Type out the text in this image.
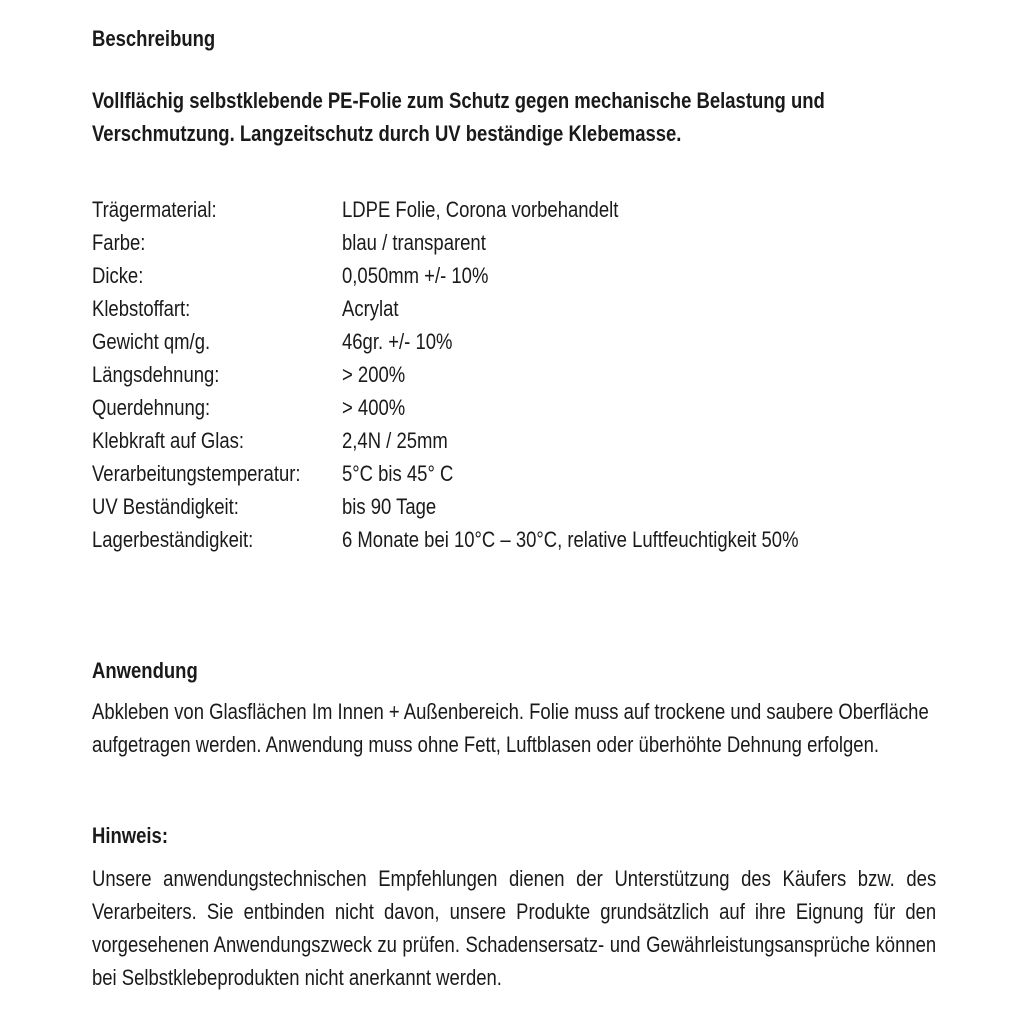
Beschreibung
Vollflächig selbstklebende PE-Folie zum Schutz gegen mechanische Belastung und
Verschmutzung. Langzeitschutz durch UV beständige Klebemasse.
Trägermaterial:	LDPE Folie, Corona vorbehandelt
Farbe:	blau / transparent
Dicke:	0,050mm +/- 10%
Klebstoffart:	Acrylat
Gewicht qm/g.	46gr. +/- 10%
Längsdehnung:	> 200%
Querdehnung:	> 400%
Klebkraft auf Glas:	2,4N / 25mm
Verarbeitungstemperatur: 5°C bis 45° C
UV Beständigkeit:	bis 90 Tage
Lagerbeständigkeit:	6 Monate bei 10°C – 30°C, relative Luftfeuchtigkeit 50%
Anwendung
Abkleben von Glasflächen Im Innen + Außenbereich. Folie muss auf trockene und saubere Oberfläche
aufgetragen werden. Anwendung muss ohne Fett, Luftblasen oder überhöhte Dehnung erfolgen.
Hinweis:
Unsere anwendungstechnischen Empfehlungen dienen der Unterstützung des Käufers bzw. des
Verarbeiters. Sie entbinden nicht davon, unsere Produkte grundsätzlich auf ihre Eignung für den
vorgesehenen Anwendungszweck zu prüfen. Schadensersatz- und Gewährleistungsansprüche können
bei Selbstklebeprodukten nicht anerkannt werden.
